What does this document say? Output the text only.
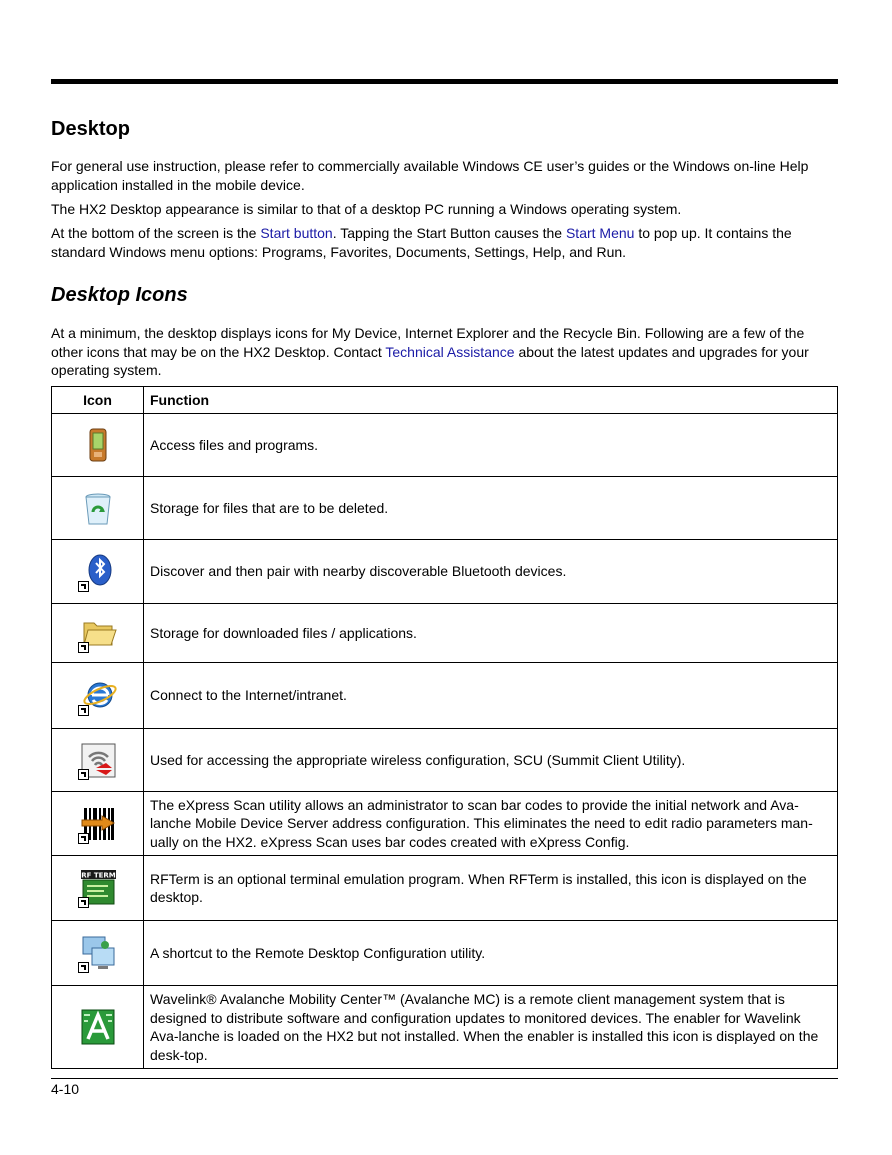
Desktop

For general use instruction, please refer to commercially available Windows CE user’s guides or the Windows on-line Help application installed in the mobile device.

The HX2 Desktop appearance is similar to that of a desktop PC running a Windows operating system.

At the bottom of the screen is the Start button. Tapping the Start Button causes the Start Menu to pop up. It contains the standard Windows menu options: Programs, Favorites, Documents, Settings, Help, and Run.

Desktop Icons

At a minimum, the desktop displays icons for My Device, Internet Explorer and the Recycle Bin. Following are a few of the other icons that may be on the HX2 Desktop. Contact Technical Assistance about the latest updates and upgrades for your operating system.

Icon	Function
	Access files and programs.
	Storage for files that are to be deleted.

	Discover and then pair with nearby discoverable Bluetooth devices.

	Storage for downloaded files / applications.

	Connect to the Internet/intranet.

	Used for accessing the appropriate wireless configuration, SCU (Summit Client Utility).

	The eXpress Scan utility allows an administrator to scan bar codes to provide the initial network and Ava-lanche Mobile Device Server address configuration. This eliminates the need to edit radio parameters man-ually on the HX2. eXpress Scan uses bar codes created with eXpress Config.

RF TERM	RFTerm is an optional terminal emulation program. When RFTerm is installed, this icon is displayed on the desktop.

	A shortcut to the Remote Desktop Configuration utility.
	Wavelink® Avalanche Mobility Center™ (Avalanche MC) is a remote client management system that is designed to distribute software and configuration updates to monitored devices. The enabler for Wavelink Ava-lanche is loaded on the HX2 but not installed. When the enabler is installed this icon is displayed on the desk-top.
4-10
